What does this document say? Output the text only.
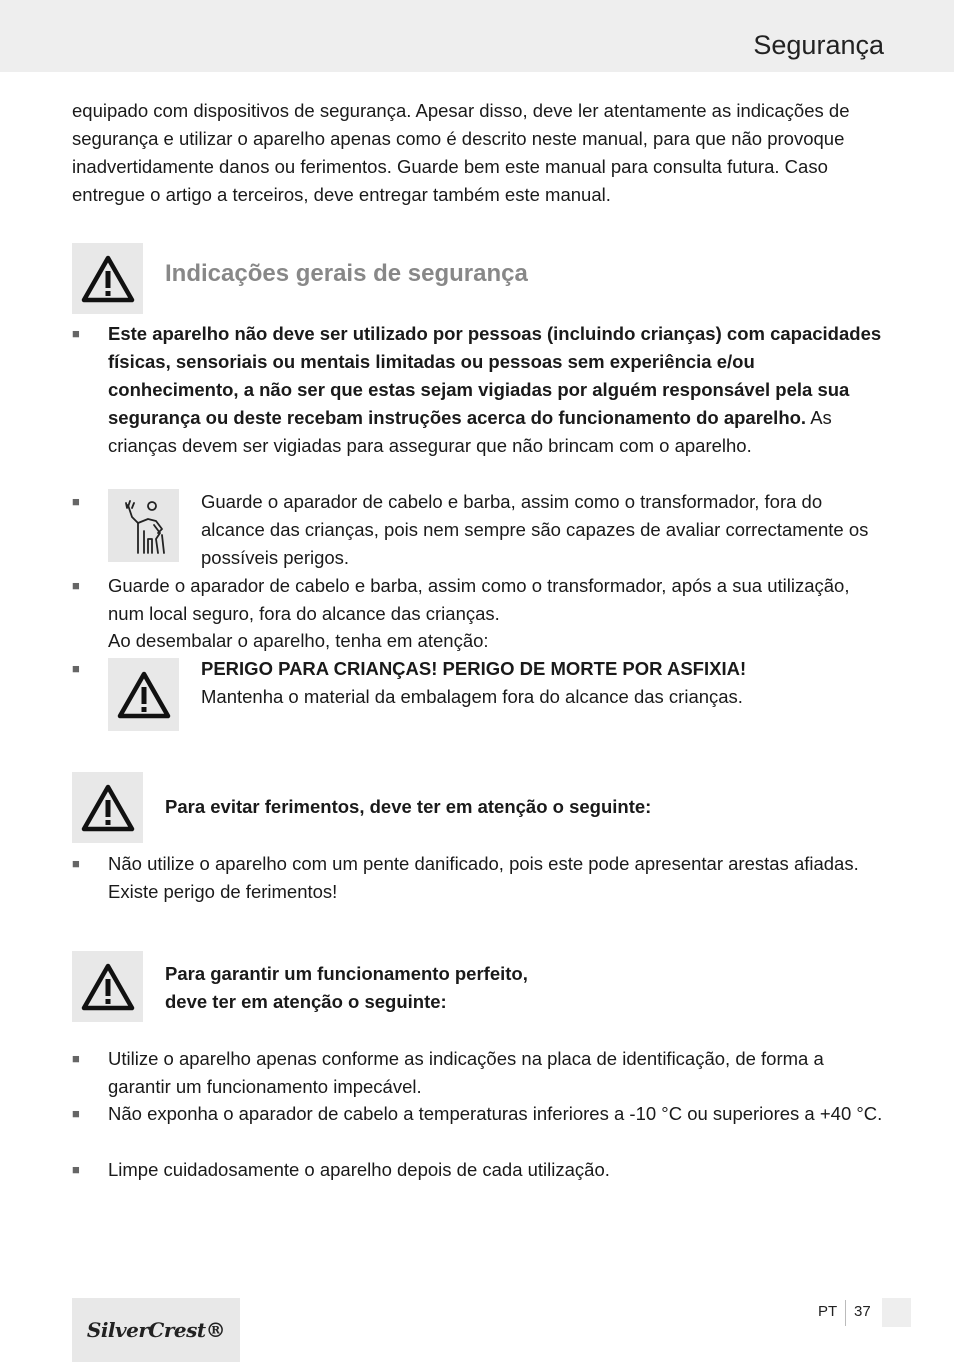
Segurança
equipado com dispositivos de segurança. Apesar disso, deve ler atentamente as indicações de segurança e utilizar o aparelho apenas como é descrito neste manual, para que não provoque inadvertidamente danos ou ferimentos. Guarde bem este manual para consulta futura. Caso entregue o artigo a terceiros, deve entregar também este manual.
Indicações gerais de segurança
■ Este aparelho não deve ser utilizado por pessoas (incluindo crianças) com capacidades físicas, sensoriais ou mentais limitadas ou pessoas sem experiência e/ou conhecimento, a não ser que estas sejam vigiadas por alguém responsável pela sua segurança ou deste recebam instruções acerca do funcionamento do aparelho. As crianças devem ser vigiadas para assegurar que não brincam com o aparelho.
■	Guarde o aparador de cabelo e barba, assim como o transformador, fora do alcance das crianças, pois nem sempre são capazes de avaliar correctamente os possíveis perigos.
■ Guarde o aparador de cabelo e barba, assim como o transformador, após a sua utilização, num local seguro, fora do alcance das crianças.
Ao desembalar o aparelho, tenha em atenção:
■	PERIGO PARA CRIANÇAS! PERIGO DE MORTE POR ASFIXIA!
Mantenha o material da embalagem fora do alcance das crianças.
Para evitar ferimentos, deve ter em atenção o seguinte:
■ Não utilize o aparelho com um pente danificado, pois este pode apresentar arestas afiadas. Existe perigo de ferimentos!
Para garantir um funcionamento perfeito,
deve ter em atenção o seguinte:
■ Utilize o aparelho apenas conforme as indicações na placa de identificação, de forma a garantir um funcionamento impecável.
■ Não exponha o aparador de cabelo a temperaturas inferiores a -10 °C ou superiores a +40 °C.
■ Limpe cuidadosamente o aparelho depois de cada utilização.
SilverCrest®
PT 37
